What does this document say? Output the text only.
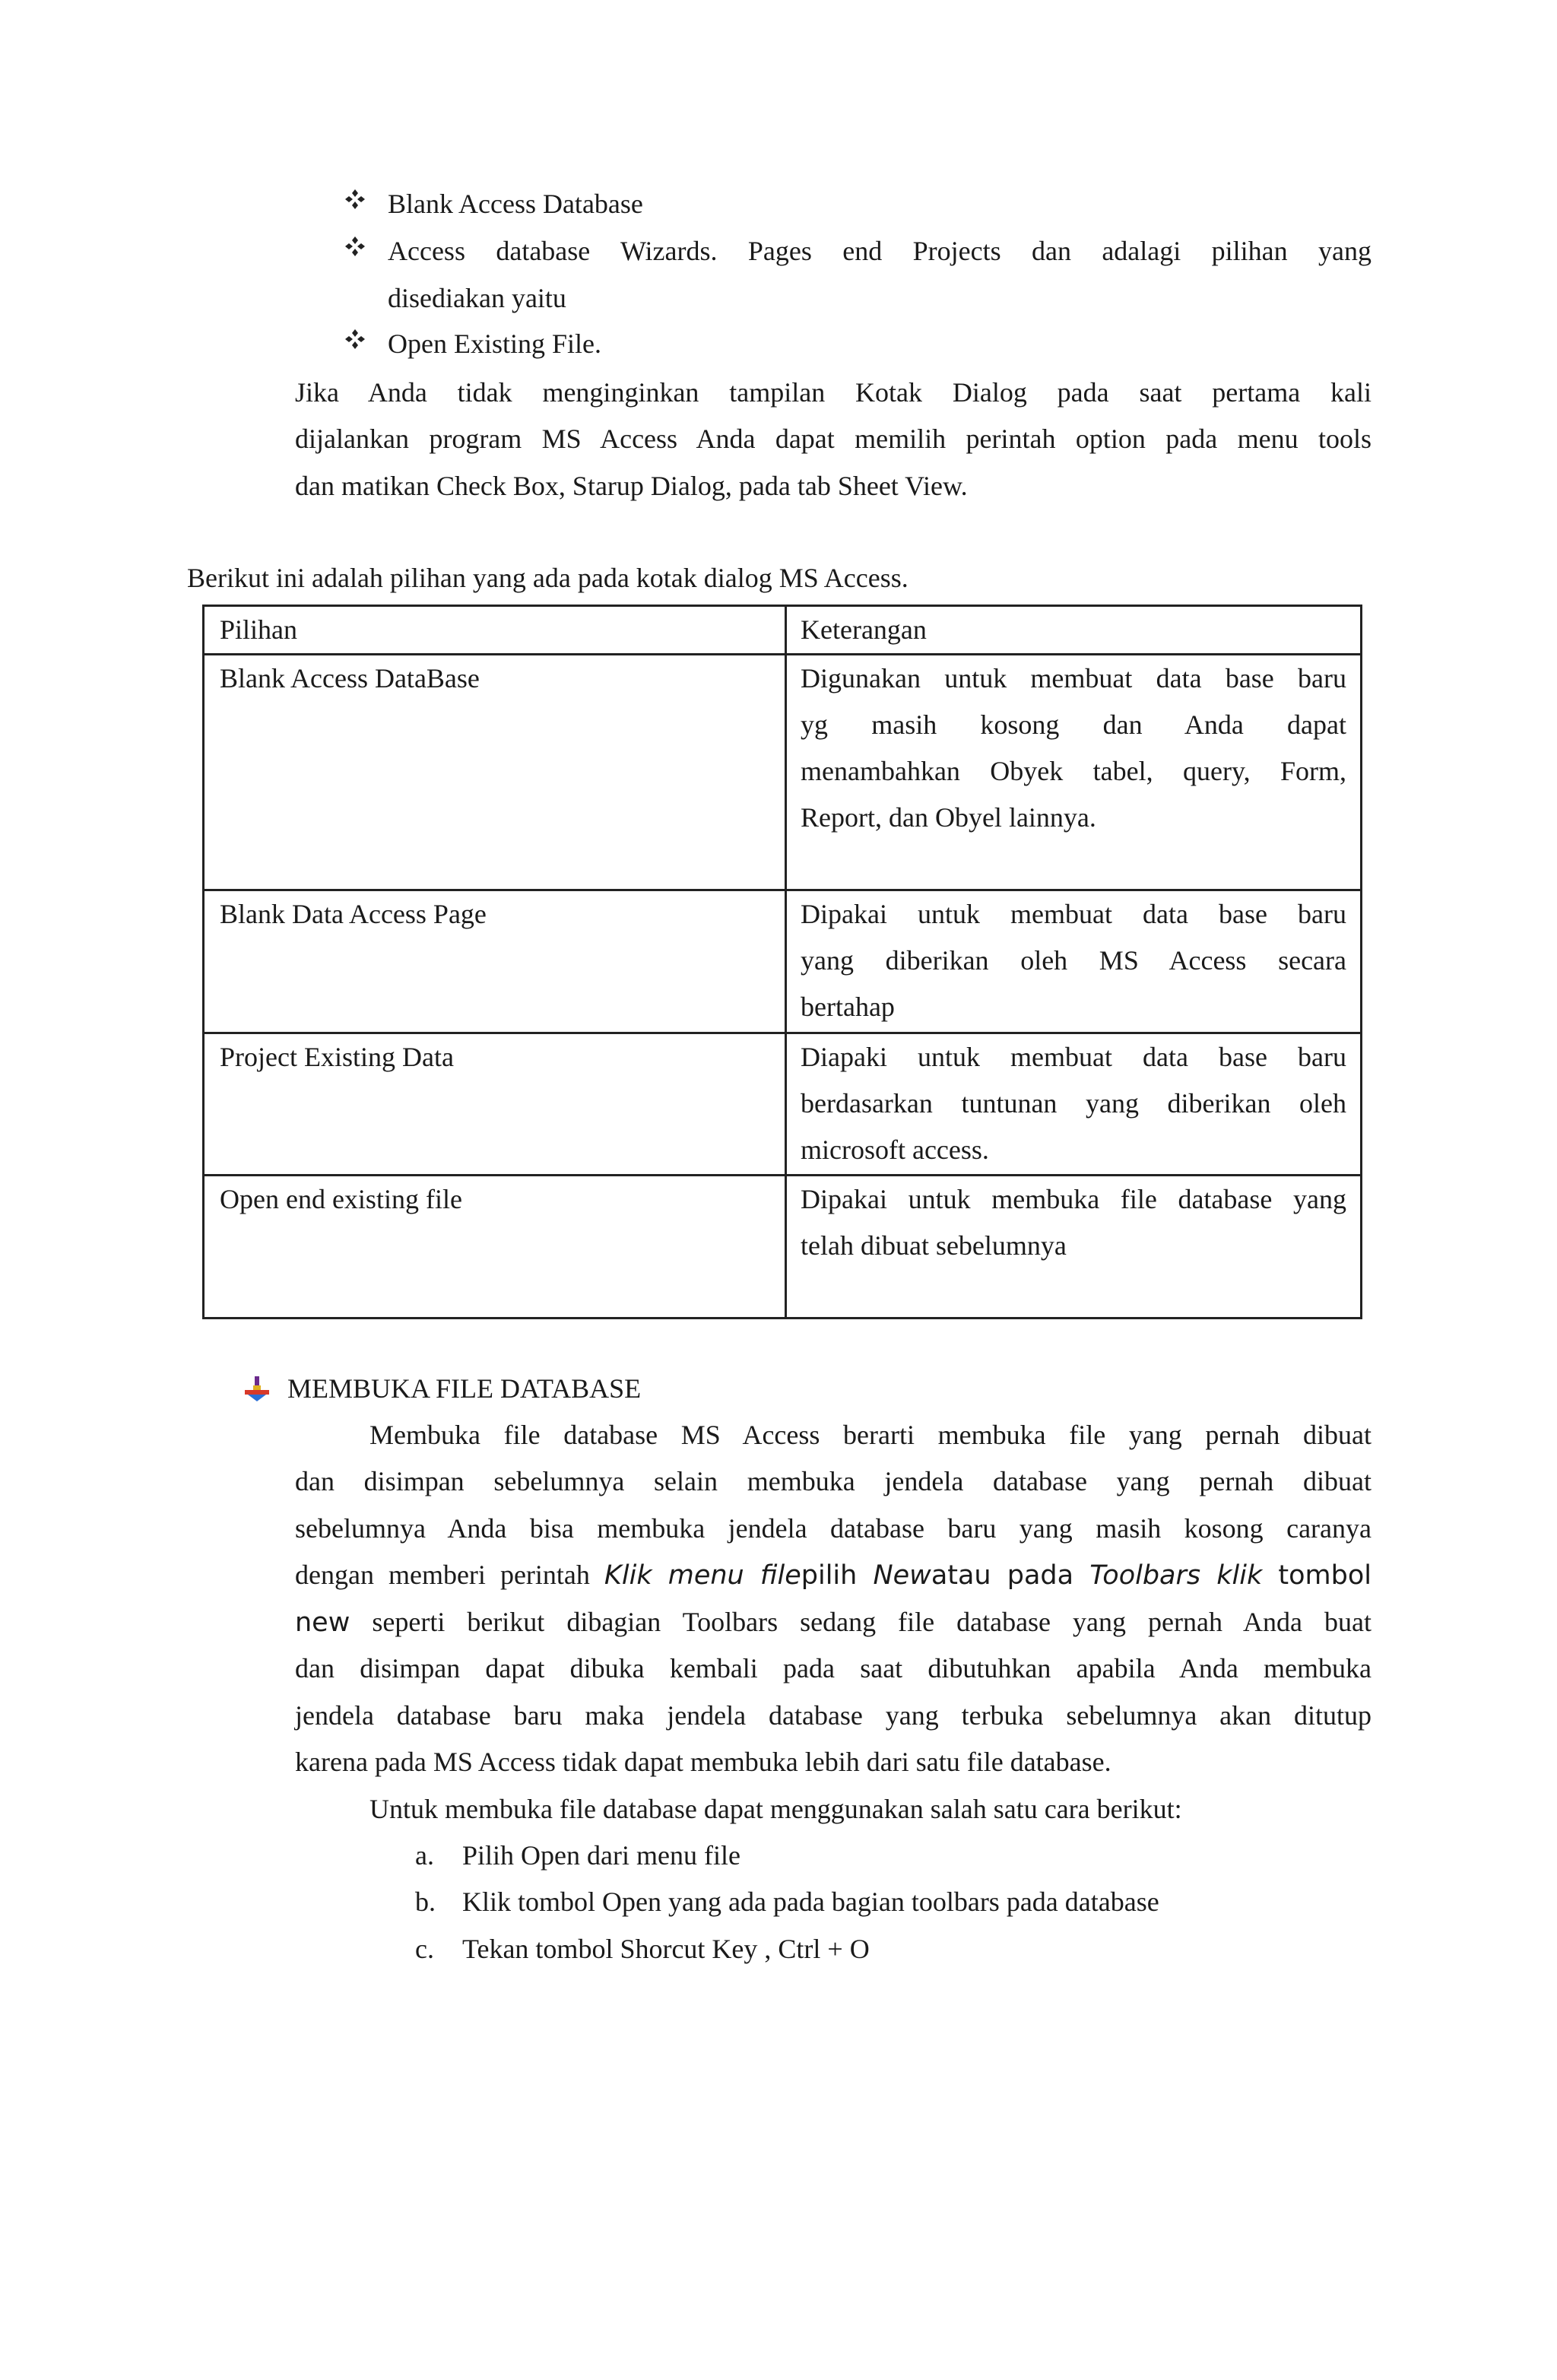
Blank Access Database
Access database Wizards. Pages end Projects dan adalagi pilihan yang
disediakan yaitu
Open Existing File.
Jika Anda tidak menginginkan tampilan Kotak Dialog pada saat pertama kali
dijalankan program MS Access Anda dapat memilih perintah option pada menu tools
dan matikan Check Box, Starup Dialog, pada tab Sheet View.
Berikut ini adalah pilihan yang ada pada kotak dialog MS Access.
Pilihan	Keterangan
Blank Access DataBase	Digunakan untuk membuat data base baru
yg masih kosong dan Anda dapat
menambahkan Obyek tabel, query, Form,
Report, dan Obyel lainnya.

Blank Data Access Page	Dipakai untuk membuat data base baru
yang diberikan oleh MS Access secara
bertahap

Project Existing Data	Diapaki untuk membuat data base baru
berdasarkan tuntunan yang diberikan oleh
microsoft access.

Open end existing file	Dipakai untuk membuka file database yang
telah dibuat sebelumnya
MEMBUKA FILE DATABASE
Membuka file database MS Access berarti membuka file yang pernah dibuat
dan disimpan sebelumnya selain membuka jendela database yang pernah dibuat
sebelumnya Anda bisa membuka jendela database baru yang masih kosong caranya
dengan memberi perintah Klik menu filepilih Newatau pada Toolbars klik tombol
new seperti berikut dibagian Toolbars sedang file database yang pernah Anda buat
dan disimpan dapat dibuka kembali pada saat dibutuhkan apabila Anda membuka
jendela database baru maka jendela database yang terbuka sebelumnya akan ditutup
karena pada MS Access tidak dapat membuka lebih dari satu file database.
Untuk membuka file database dapat menggunakan salah satu cara berikut:
a. Pilih Open dari menu file
b. Klik tombol Open yang ada pada bagian toolbars pada database
c. Tekan tombol Shorcut Key , Ctrl + O
